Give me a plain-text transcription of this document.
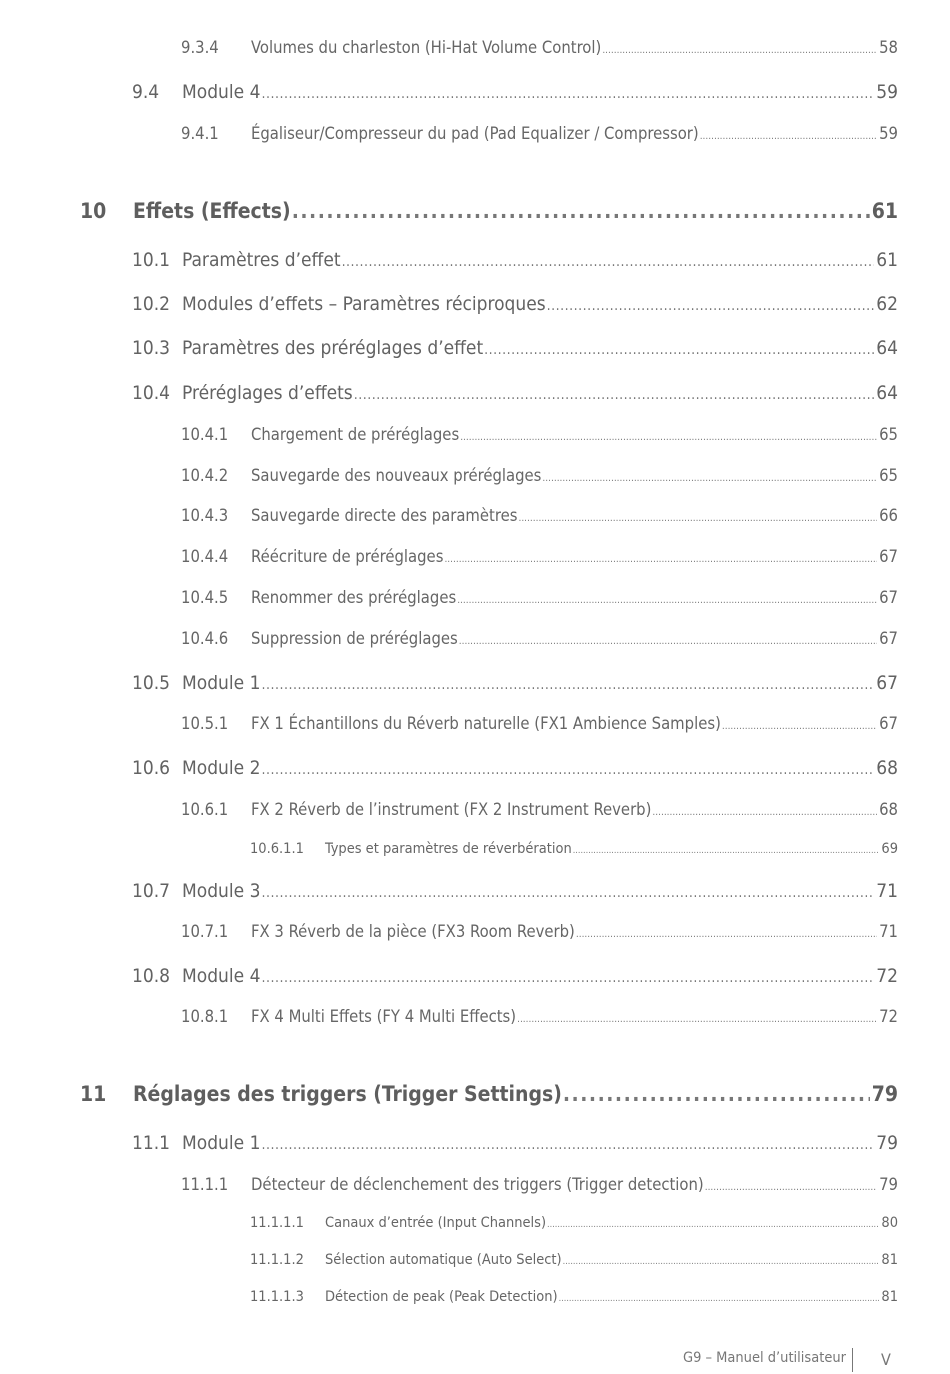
9.3.4	Volumes du charleston (Hi-Hat Volume Control) .....	58
9.4	Module 4 .....	59
9.4.1	Égaliseur/Compresseur du pad (Pad Equalizer / Compressor) .....	59
10	Effets (Effects) .....	61
10.1 Paramètres d’effet .....	61
10.2 Modules d’effets – Paramètres réciproques .....	62
10.3 Paramètres des préréglages d’effet .....	64
10.4 Préréglages d’effets .....	64
10.4.1	Chargement de préréglages .....	65
10.4.2	Sauvegarde des nouveaux préréglages .....	65
10.4.3	Sauvegarde directe des paramètres .....	66
10.4.4	Réécriture de préréglages .....	67
10.4.5	Renommer des préréglages .....	67
10.4.6	Suppression de préréglages .....	67
10.5 Module 1 .....	67
10.5.1	FX 1 Échantillons du Réverb naturelle (FX1 Ambience Samples) .....	67
10.6 Module 2 .....	68
10.6.1	FX 2 Réverb de l’instrument (FX 2 Instrument Reverb) .....	68
10.6.1.1	Types et paramètres de réverbération .....	69
10.7 Module 3 .....	71
10.7.1	FX 3 Réverb de la pièce (FX3 Room Reverb) .....	71
10.8 Module 4 .....	72
10.8.1	FX 4 Multi Effets (FY 4 Multi Effects) .....	72
11	Réglages des triggers (Trigger Settings) .....	79
11.1 Module 1 .....	79
11.1.1	Détecteur de déclenchement des triggers (Trigger detection) .....	79
11.1.1.1	Canaux d’entrée (Input Channels) .....	80
11.1.1.2	Sélection automatique (Auto Select) .....	81
11.1.1.3	Détection de peak (Peak Detection) .....	81
G9 – Manuel d’utilisateur V
